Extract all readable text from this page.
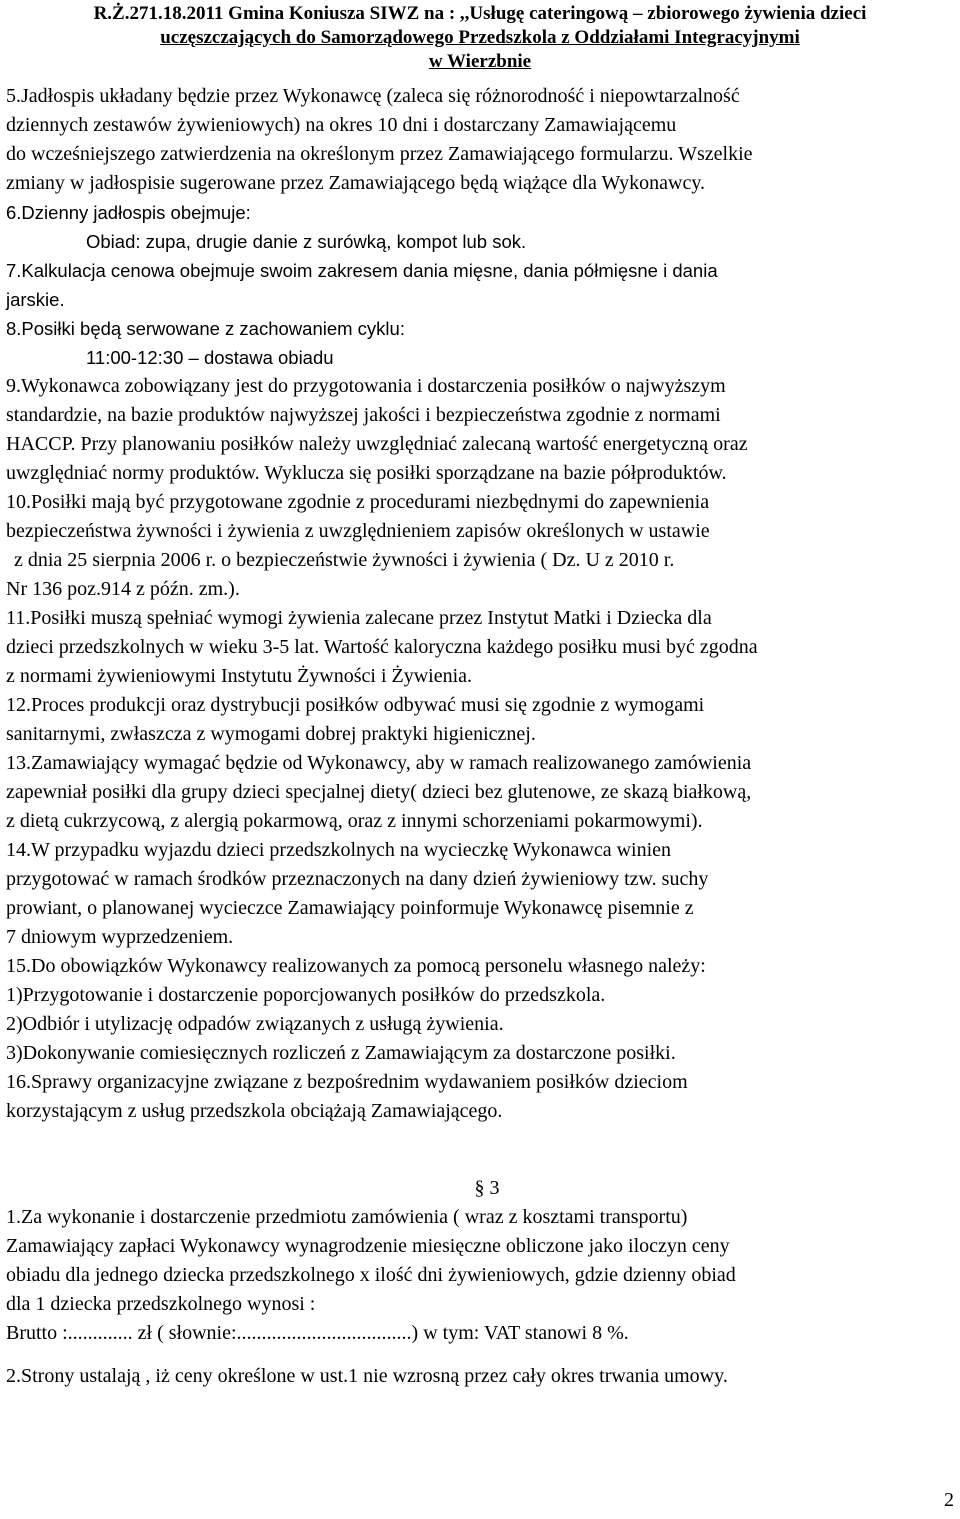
R.Ż.271.18.2011 Gmina Koniusza SIWZ na : ,,Usługę cateringową – zbiorowego żywienia dzieci
uczęszczających do Samorządowego Przedszkola z Oddziałami Integracyjnymi
w Wierzbnie
5.Jadłospis układany będzie przez Wykonawcę (zaleca się różnorodność i niepowtarzalność
dziennych zestawów żywieniowych) na okres 10 dni i dostarczany Zamawiającemu
do wcześniejszego zatwierdzenia na określonym przez Zamawiającego formularzu. Wszelkie
zmiany w jadłospisie sugerowane przez Zamawiającego będą wiążące dla Wykonawcy.
6.Dzienny jadłospis obejmuje:
Obiad: zupa, drugie danie z surówką, kompot lub sok.
7.Kalkulacja cenowa obejmuje swoim zakresem dania mięsne, dania półmięsne i dania
jarskie.
8.Posiłki będą serwowane z zachowaniem cyklu:
11:00-12:30 – dostawa obiadu
9.Wykonawca zobowiązany jest do przygotowania i dostarczenia posiłków o najwyższym
standardzie, na bazie produktów najwyższej jakości i bezpieczeństwa zgodnie z normami
HACCP. Przy planowaniu posiłków należy uwzględniać zalecaną wartość energetyczną oraz
uwzględniać normy produktów. Wyklucza się posiłki sporządzane na bazie półproduktów.
10.Posiłki mają być przygotowane zgodnie z procedurami niezbędnymi do zapewnienia
bezpieczeństwa żywności i żywienia z uwzględnieniem zapisów określonych w ustawie
z dnia 25 sierpnia 2006 r. o bezpieczeństwie żywności i żywienia ( Dz. U z 2010 r.
Nr 136 poz.914 z późn. zm.).
11.Posiłki muszą spełniać wymogi żywienia zalecane przez Instytut Matki i Dziecka dla
dzieci przedszkolnych w wieku 3-5 lat. Wartość kaloryczna każdego posiłku musi być zgodna
z normami żywieniowymi Instytutu Żywności i Żywienia.
12.Proces produkcji oraz dystrybucji posiłków odbywać musi się zgodnie z wymogami
sanitarnymi, zwłaszcza z wymogami dobrej praktyki higienicznej.
13.Zamawiający wymagać będzie od Wykonawcy, aby w ramach realizowanego zamówienia
zapewniał posiłki dla grupy dzieci specjalnej diety( dzieci bez glutenowe, ze skazą białkową,
z dietą cukrzycową, z alergią pokarmową, oraz z innymi schorzeniami pokarmowymi).
14.W przypadku wyjazdu dzieci przedszkolnych na wycieczkę Wykonawca winien
przygotować w ramach środków przeznaczonych na dany dzień żywieniowy tzw. suchy
prowiant, o planowanej wycieczce Zamawiający poinformuje Wykonawcę pisemnie z
7 dniowym wyprzedzeniem.
15.Do obowiązków Wykonawcy realizowanych za pomocą personelu własnego należy:
1)Przygotowanie i dostarczenie poporcjowanych posiłków do przedszkola.
2)Odbiór i utylizację odpadów związanych z usługą żywienia.
3)Dokonywanie comiesięcznych rozliczeń z Zamawiającym za dostarczone posiłki.
16.Sprawy organizacyjne związane z bezpośrednim wydawaniem posiłków dzieciom
korzystającym z usług przedszkola obciążają Zamawiającego.
§ 3
1.Za wykonanie i dostarczenie przedmiotu zamówienia ( wraz z kosztami transportu)
Zamawiający zapłaci Wykonawcy wynagrodzenie miesięczne obliczone jako iloczyn ceny
obiadu dla jednego dziecka przedszkolnego x ilość dni żywieniowych, gdzie dzienny obiad
dla 1 dziecka przedszkolnego wynosi :
Brutto :............. zł ( słownie:...................................) w tym: VAT stanowi 8 %.
2.Strony ustalają , iż ceny określone w ust.1 nie wzrosną przez cały okres trwania umowy.
2
